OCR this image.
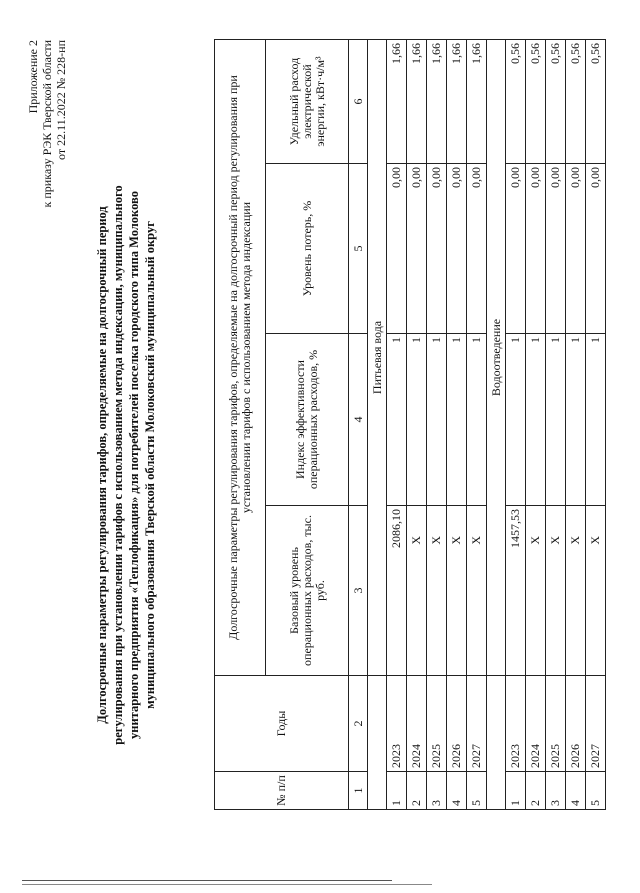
Приложение 2 к приказу РЭК Тверской области от 22.11.2022 № 228-нп
Долгосрочные параметры регулирования тарифов, определяемые на долгосрочный период регулирования при установлении тарифов с использованием метода индексации, муниципального унитарного предприятия «Теплофикация» для потребителей поселка городского типа Молоково муниципального образования Тверской области Молоковский муниципальный округ
№ п/п	Годы	Долгосрочные параметры регулирования тарифов, определяемые на долгосрочный период регулирования при установлении тарифов с использованием метода индексации			
		Базовый уровень операционных расходов, тыс. руб.	Индекс эффективности операционных расходов, %	Уровень потерь, %	Удельный расход электрической энергии, кВт·ч/м³
1	2	3	4	5	6
		Питьевая вода			
1	2023	2086,10	1	0,00	1,66
2	2024	X	1	0,00	1,66
3	2025	X	1	0,00	1,66
4	2026	X	1	0,00	1,66
5	2027	X	1	0,00	1,66
		Водоотведение			
1	2023	1457,53	1	0,00	0,56
2	2024	X	1	0,00	0,56
3	2025	X	1	0,00	0,56
4	2026	X	1	0,00	0,56
5	2027	X	1	0,00	0,56
